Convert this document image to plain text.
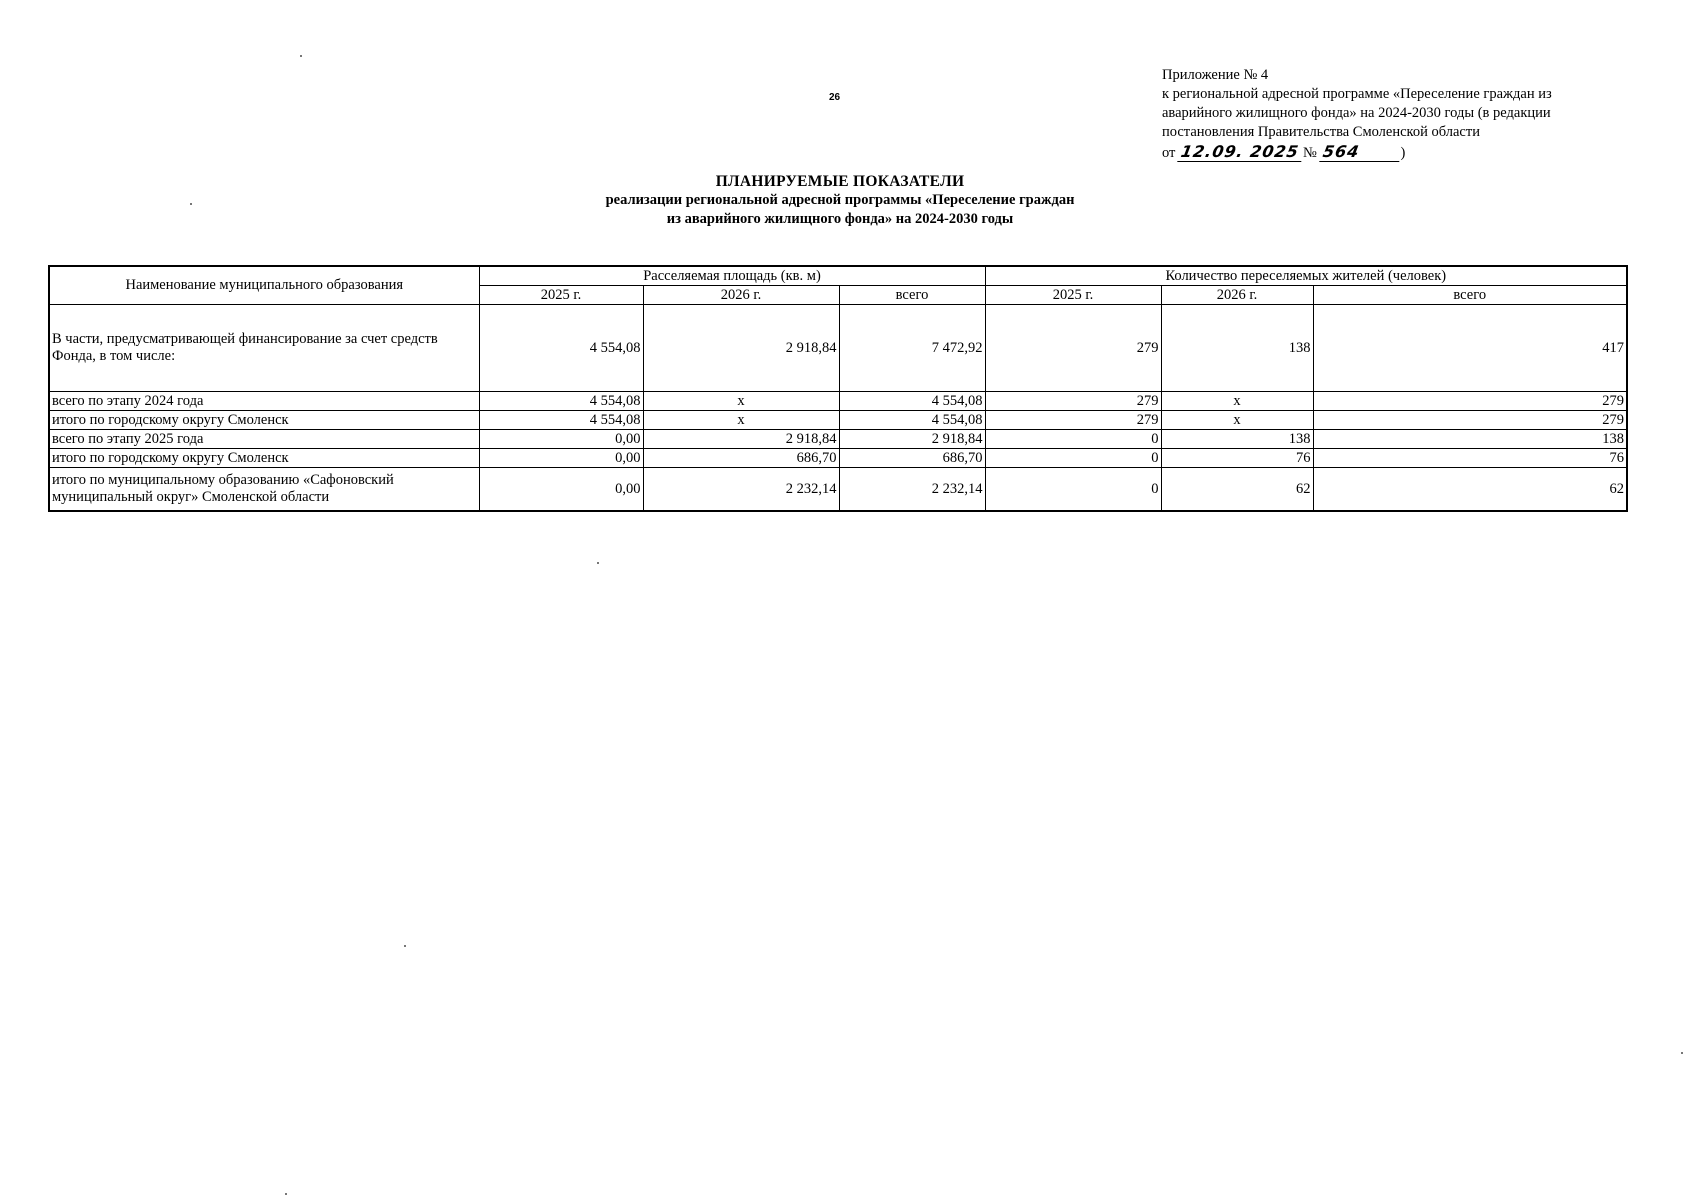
26
Приложение № 4
к региональной адресной программе «Переселение граждан из
аварийного жилищного фонда» на 2024-2030 годы (в редакции
постановления Правительства Смоленской области
от 12.09. 2025 № 564	)
ПЛАНИРУЕМЫЕ ПОКАЗАТЕЛИ
реализации региональной адресной программы «Переселение граждан
из аварийного жилищного фонда» на 2024-2030 годы
Наименование муниципального образования	Расселяемая площадь (кв. м)			Количество переселяемых жителей (человек)		
	2025 г.	2026 г.	всего	2025 г.	2026 г.	всего
В части, предусматривающей финансирование за счет средств Фонда, в том числе:	4 554,08	2 918,84	7 472,92	279	138	417
всего по этапу 2024 года	4 554,08	х	4 554,08	279	х	279
итого по городскому округу Смоленск	4 554,08	х	4 554,08	279	х	279
всего по этапу 2025 года	0,00	2 918,84	2 918,84	0	138	138
итого по городскому округу Смоленск	0,00	686,70	686,70	0	76	76
итого по муниципальному образованию «Сафоновский муниципальный округ» Смоленской области	0,00	2 232,14	2 232,14	0	62	62
